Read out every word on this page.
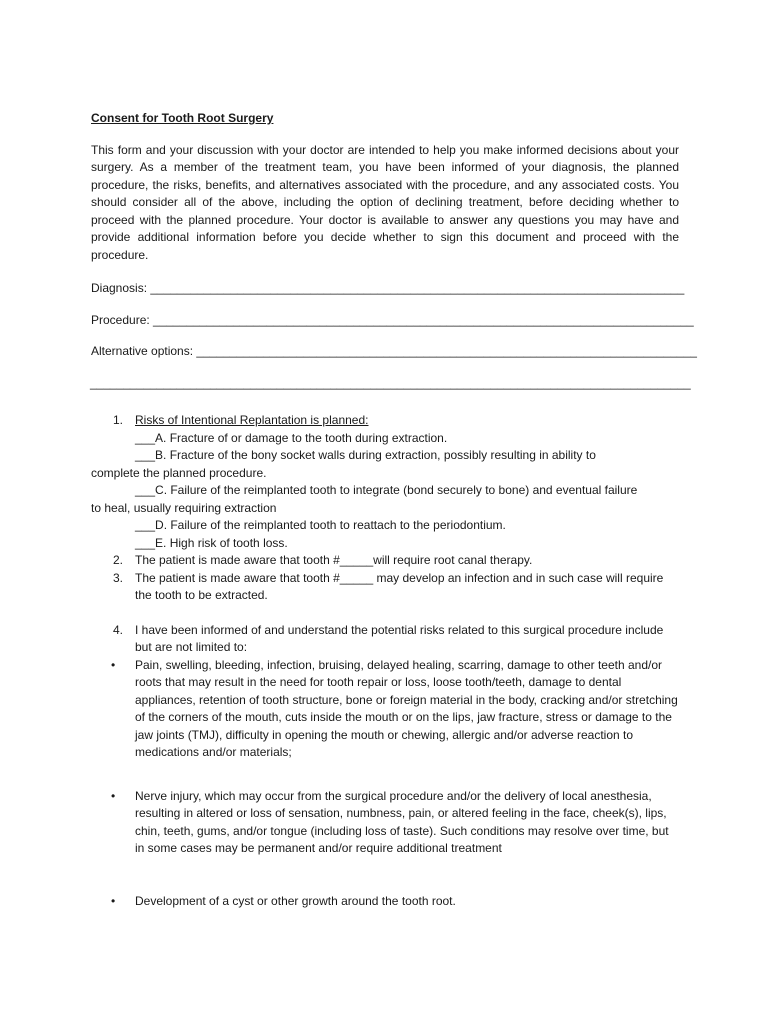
Consent for Tooth Root Surgery
This form and your discussion with your doctor are intended to help you make informed decisions about your surgery. As a member of the treatment team, you have been informed of your diagnosis, the planned procedure, the risks, benefits, and alternatives associated with the procedure, and any associated costs. You should consider all of the above, including the option of declining treatment, before deciding whether to proceed with the planned procedure. Your doctor is available to answer any questions you may have and provide additional information before you decide whether to sign this document and proceed with the procedure.
Diagnosis: ________________________________________________________________________________
Procedure: _________________________________________________________________________________
Alternative options: ___________________________________________________________________________
__________________________________________________________________________________________
1. Risks of Intentional Replantation is planned:
___A. Fracture of or damage to the tooth during extraction.
___B. Fracture of the bony socket walls during extraction, possibly resulting in ability to
complete the planned procedure.
___C. Failure of the reimplanted tooth to integrate (bond securely to bone) and eventual failure
to heal, usually requiring extraction
___D. Failure of the reimplanted tooth to reattach to the periodontium.
___E. High risk of tooth loss.
2. The patient is made aware that tooth #_____will require root canal therapy.
3. The patient is made aware that tooth #_____ may develop an infection and in such case will require the tooth to be extracted.
4. I have been informed of and understand the potential risks related to this surgical procedure include but are not limited to:
• Pain, swelling, bleeding, infection, bruising, delayed healing, scarring, damage to other teeth and/or roots that may result in the need for tooth repair or loss, loose tooth/teeth, damage to dental appliances, retention of tooth structure, bone or foreign material in the body, cracking and/or stretching of the corners of the mouth, cuts inside the mouth or on the lips, jaw fracture, stress or damage to the jaw joints (TMJ), difficulty in opening the mouth or chewing, allergic and/or adverse reaction to medications and/or materials;
• Nerve injury, which may occur from the surgical procedure and/or the delivery of local anesthesia, resulting in altered or loss of sensation, numbness, pain, or altered feeling in the face, cheek(s), lips, chin, teeth, gums, and/or tongue (including loss of taste). Such conditions may resolve over time, but in some cases may be permanent and/or require additional treatment
• Development of a cyst or other growth around the tooth root.
